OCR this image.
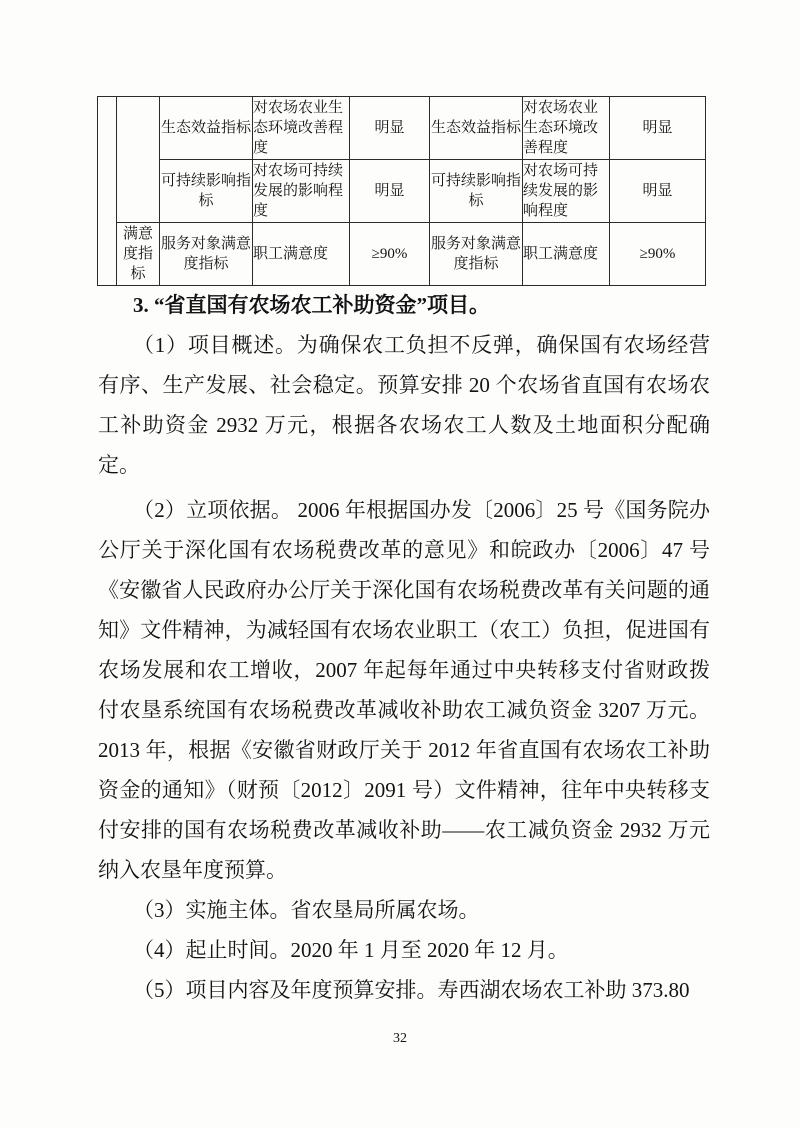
		生态效益指标	对农场农业生态环境改善程度	明显	生态效益指标	对农场农业生态环境改善程度	明显
		可持续影响指标	对农场可持续发展的影响程度	明显	可持续影响指标	对农场可持续发展的影响程度	明显
	满意度指标	服务对象满意度指标	职工满意度	≥90%	服务对象满意度指标	职工满意度	≥90%
3. “省直国有农场农工补助资金”项目。

（1）项目概述。为确保农工负担不反弹，确保国有农场经营有序、生产发展、社会稳定。预算安排 20 个农场省直国有农场农工补助资金 2932 万元，根据各农场农工人数及土地面积分配确定。

（2）立项依据。 2006 年根据国办发〔2006〕25 号《国务院办公厅关于深化国有农场税费改革的意见》和皖政办〔2006〕47 号《安徽省人民政府办公厅关于深化国有农场税费改革有关问题的通知》文件精神，为减轻国有农场农业职工（农工）负担，促进国有农场发展和农工增收，2007 年起每年通过中央转移支付省财政拨付农垦系统国有农场税费改革减收补助农工减负资金 3207 万元。2013 年，根据《安徽省财政厅关于 2012 年省直国有农场农工补助资金的通知》（财预〔2012〕2091 号）文件精神，往年中央转移支付安排的国有农场税费改革减收补助——农工减负资金 2932 万元纳入农垦年度预算。

（3）实施主体。省农垦局所属农场。

（4）起止时间。2020 年 1 月至 2020 年 12 月。

（5）项目内容及年度预算安排。寿西湖农场农工补助 373.80

32
